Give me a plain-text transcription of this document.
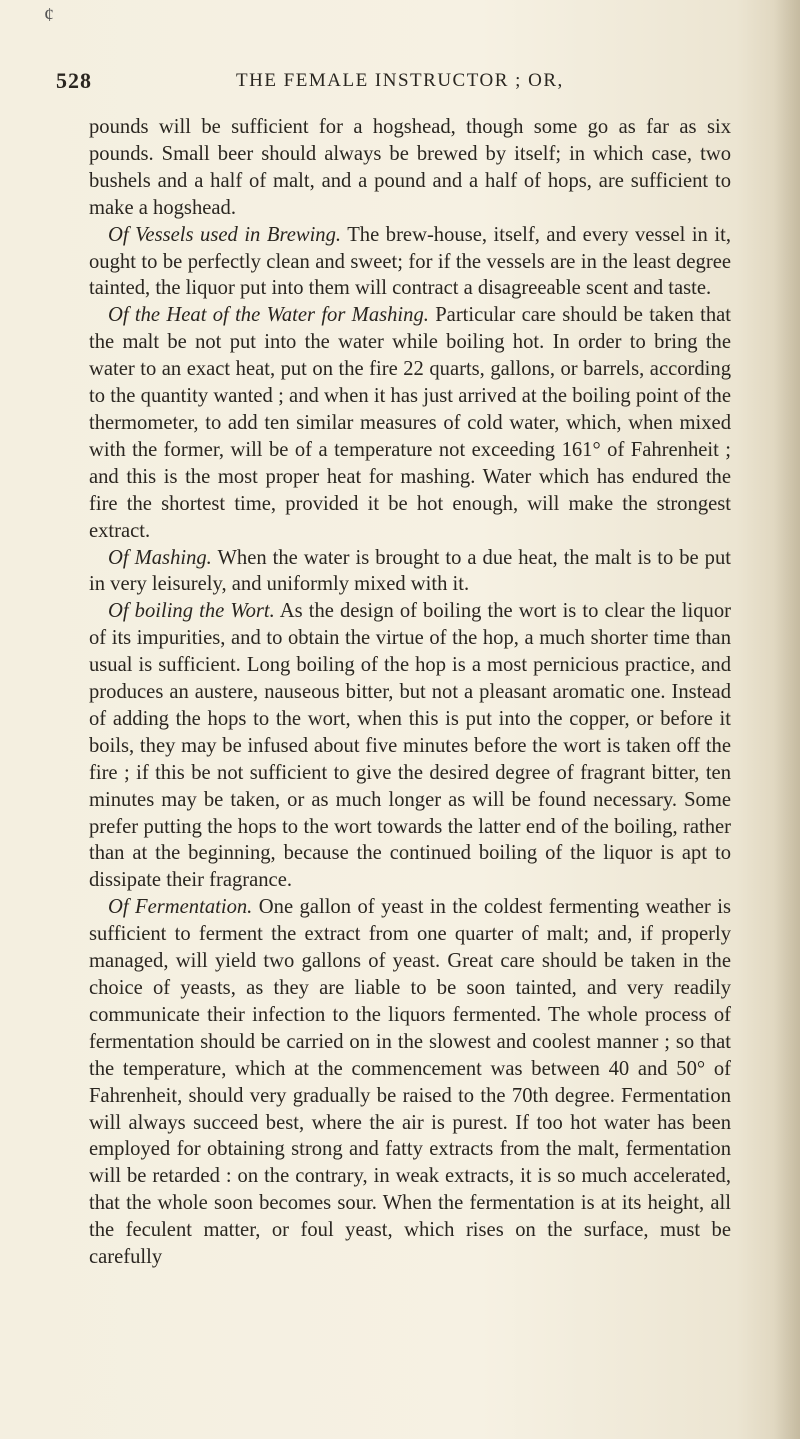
¢
528	THE FEMALE INSTRUCTOR ; OR,

pounds will be sufficient for a hogshead, though some go as far as six pounds. Small beer should always be brewed by itself; in which case, two bushels and a half of malt, and a pound and a half of hops, are sufficient to make a hogshead.

Of Vessels used in Brewing. The brew-house, itself, and every vessel in it, ought to be perfectly clean and sweet; for if the vessels are in the least degree tainted, the liquor put into them will contract a disagreeable scent and taste.

Of the Heat of the Water for Mashing. Particular care should be taken that the malt be not put into the water while boiling hot. In order to bring the water to an exact heat, put on the fire 22 quarts, gallons, or barrels, according to the quantity wanted ; and when it has just arrived at the boiling point of the thermometer, to add ten similar measures of cold water, which, when mixed with the former, will be of a temperature not exceeding 161° of Fahrenheit ; and this is the most proper heat for mashing. Water which has endured the fire the shortest time, provided it be hot enough, will make the strongest extract.

Of Mashing. When the water is brought to a due heat, the malt is to be put in very leisurely, and uniformly mixed with it.

Of boiling the Wort. As the design of boiling the wort is to clear the liquor of its impurities, and to obtain the virtue of the hop, a much shorter time than usual is sufficient. Long boiling of the hop is a most pernicious practice, and produces an austere, nauseous bitter, but not a pleasant aromatic one. Instead of adding the hops to the wort, when this is put into the copper, or before it boils, they may be infused about five minutes before the wort is taken off the fire ; if this be not sufficient to give the desired degree of fragrant bitter, ten minutes may be taken, or as much longer as will be found necessary. Some prefer putting the hops to the wort towards the latter end of the boiling, rather than at the beginning, because the continued boiling of the liquor is apt to dissipate their fragrance.

Of Fermentation. One gallon of yeast in the coldest fermenting weather is sufficient to ferment the extract from one quarter of malt; and, if properly managed, will yield two gallons of yeast. Great care should be taken in the choice of yeasts, as they are liable to be soon tainted, and very readily communicate their infection to the liquors fermented. The whole process of fermentation should be carried on in the slowest and coolest manner ; so that the temperature, which at the commencement was between 40 and 50° of Fahrenheit, should very gradually be raised to the 70th degree. Fermentation will always succeed best, where the air is purest. If too hot water has been employed for obtaining strong and fatty extracts from the malt, fermentation will be retarded : on the contrary, in weak extracts, it is so much accelerated, that the whole soon becomes sour. When the fermentation is at its height, all the feculent matter, or foul yeast, which rises on the surface, must be carefully
